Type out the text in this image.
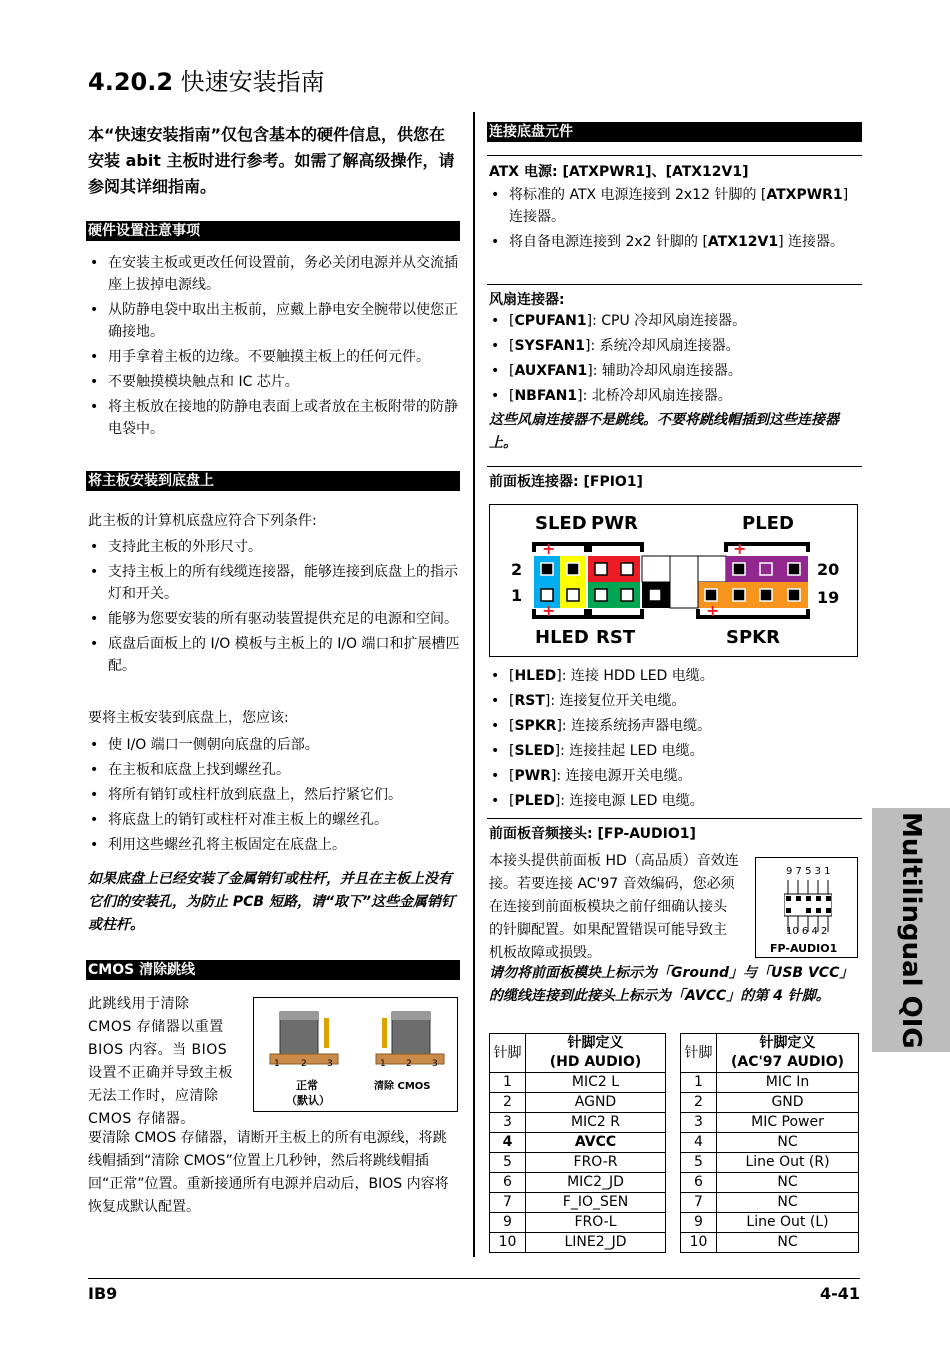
4.20.2 快速安装指南
本“快速安装指南”仅包含基本的硬件信息，供您在安装 abit 主板时进行参考。如需了解高级操作，请参阅其详细指南。
硬件设置注意事项
• 在安装主板或更改任何设置前，务必关闭电源并从交流插座上拔掉电源线。
• 从防静电袋中取出主板前，应戴上静电安全腕带以使您正确接地。
• 用手拿着主板的边缘。不要触摸主板上的任何元件。
• 不要触摸模块触点和 IC 芯片。
• 将主板放在接地的防静电表面上或者放在主板附带的防静电袋中。
将主板安装到底盘上
此主板的计算机底盘应符合下列条件:
• 支持此主板的外形尺寸。
• 支持主板上的所有线缆连接器，能够连接到底盘上的指示灯和开关。
• 能够为您要安装的所有驱动装置提供充足的电源和空间。
• 底盘后面板上的 I/O 模板与主板上的 I/O 端口和扩展槽匹配。
要将主板安装到底盘上，您应该:
• 使 I/O 端口一侧朝向底盘的后部。
• 在主板和底盘上找到螺丝孔。
• 将所有销钉或柱杆放到底盘上，然后拧紧它们。
• 将底盘上的销钉或柱杆对准主板上的螺丝孔。
• 利用这些螺丝孔将主板固定在底盘上。
如果底盘上已经安装了金属销钉或柱杆，并且在主板上没有它们的安装孔，为防止 PCB 短路，请“取下”这些金属销钉或柱杆。
CMOS 清除跳线
此跳线用于清除 CMOS 存储器以重置 BIOS 内容。当 BIOS 设置不正确并导致主板无法工作时，应清除 CMOS 存储器。
1 2 3	1 2 3
正常
（默认）
清除 CMOS
要清除 CMOS 存储器，请断开主板上的所有电源线，将跳线帽插到“清除 CMOS”位置上几秒钟，然后将跳线帽插回“正常”位置。重新接通所有电源并启动后，BIOS 内容将恢复成默认配置。
连接底盘元件
ATX 电源: [ATXPWR1]、[ATX12V1]
• 将标准的 ATX 电源连接到 2x12 针脚的 [ATXPWR1] 连接器。
• 将自备电源连接到 2x2 针脚的 [ATX12V1] 连接器。
风扇连接器:
• [CPUFAN1]: CPU 冷却风扇连接器。
• [SYSFAN1]: 系统冷却风扇连接器。
• [AUXFAN1]: 辅助冷却风扇连接器。
• [NBFAN1]: 北桥冷却风扇连接器。
这些风扇连接器不是跳线。不要将跳线帽插到这些连接器上。
前面板连接器: [FPIO1]
SLED PWR	PLED
HLED RST	SPKR
2
1
20
19
+	+
+	+
• [HLED]: 连接 HDD LED 电缆。
• [RST]: 连接复位开关电缆。
• [SPKR]: 连接系统扬声器电缆。
• [SLED]: 连接挂起 LED 电缆。
• [PWR]: 连接电源开关电缆。
• [PLED]: 连接电源 LED 电缆。
前面板音频接头: [FP-AUDIO1]
本接头提供前面板 HD（高品质）音效连接。若要连接 AC'97 音效编码，您必须在连接到前面板模块之前仔细确认接头的针脚配置。如果配置错误可能导致主机板故障或损毁。
9 7 5 3 1
10 6 4 2
FP-AUDIO1
请勿将前面板模块上标示为「Ground」与「USB VCC」的缆线连接到此接头上标示为「AVCC」的第 4 针脚。
针脚	针脚定义
	(HD AUDIO)
1	MIC2 L
2	AGND
3	MIC2 R
4	AVCC
5	FRO-R
6	MIC2_JD
7	F_IO_SEN
9	FRO-L
10	LINE2_JD
针脚	针脚定义
	(AC'97 AUDIO)
1	MIC In
2	GND
3	MIC Power
4	NC
5	Line Out (R)
6	NC
7	NC
9	Line Out (L)
10	NC
Multilingual QIG
IB9	4-41
